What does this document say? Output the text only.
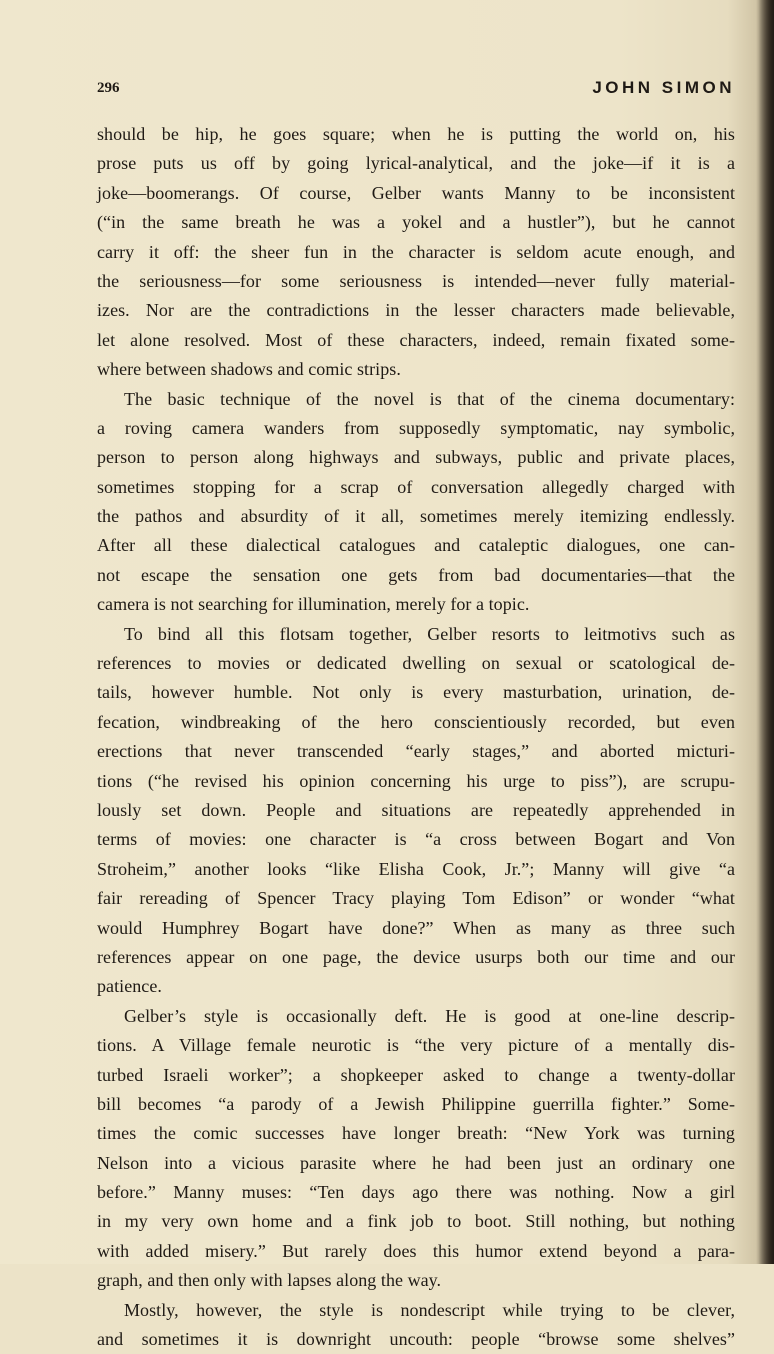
296	JOHN SIMON
should be hip, he goes square; when he is putting the world on, his
prose puts us off by going lyrical-analytical, and the joke—if it is a
joke—boomerangs. Of course, Gelber wants Manny to be inconsistent
(“in the same breath he was a yokel and a hustler”), but he cannot
carry it off: the sheer fun in the character is seldom acute enough, and
the seriousness—for some seriousness is intended—never fully material-
izes. Nor are the contradictions in the lesser characters made believable,
let alone resolved. Most of these characters, indeed, remain fixated some-
where between shadows and comic strips.
The basic technique of the novel is that of the cinema documentary:
a roving camera wanders from supposedly symptomatic, nay symbolic,
person to person along highways and subways, public and private places,
sometimes stopping for a scrap of conversation allegedly charged with
the pathos and absurdity of it all, sometimes merely itemizing endlessly.
After all these dialectical catalogues and cataleptic dialogues, one can-
not escape the sensation one gets from bad documentaries—that the
camera is not searching for illumination, merely for a topic.
To bind all this flotsam together, Gelber resorts to leitmotivs such as
references to movies or dedicated dwelling on sexual or scatological de-
tails, however humble. Not only is every masturbation, urination, de-
fecation, windbreaking of the hero conscientiously recorded, but even
erections that never transcended “early stages,” and aborted micturi-
tions (“he revised his opinion concerning his urge to piss”), are scrupu-
lously set down. People and situations are repeatedly apprehended in
terms of movies: one character is “a cross between Bogart and Von
Stroheim,” another looks “like Elisha Cook, Jr.”; Manny will give “a
fair rereading of Spencer Tracy playing Tom Edison” or wonder “what
would Humphrey Bogart have done?” When as many as three such
references appear on one page, the device usurps both our time and our
patience.
Gelber’s style is occasionally deft. He is good at one-line descrip-
tions. A Village female neurotic is “the very picture of a mentally dis-
turbed Israeli worker”; a shopkeeper asked to change a twenty-dollar
bill becomes “a parody of a Jewish Philippine guerrilla fighter.” Some-
times the comic successes have longer breath: “New York was turning
Nelson into a vicious parasite where he had been just an ordinary one
before.” Manny muses: “Ten days ago there was nothing. Now a girl
in my very own home and a fink job to boot. Still nothing, but nothing
with added misery.” But rarely does this humor extend beyond a para-
graph, and then only with lapses along the way.
Mostly, however, the style is nondescript while trying to be clever,
and sometimes it is downright uncouth: people “browse some shelves”
